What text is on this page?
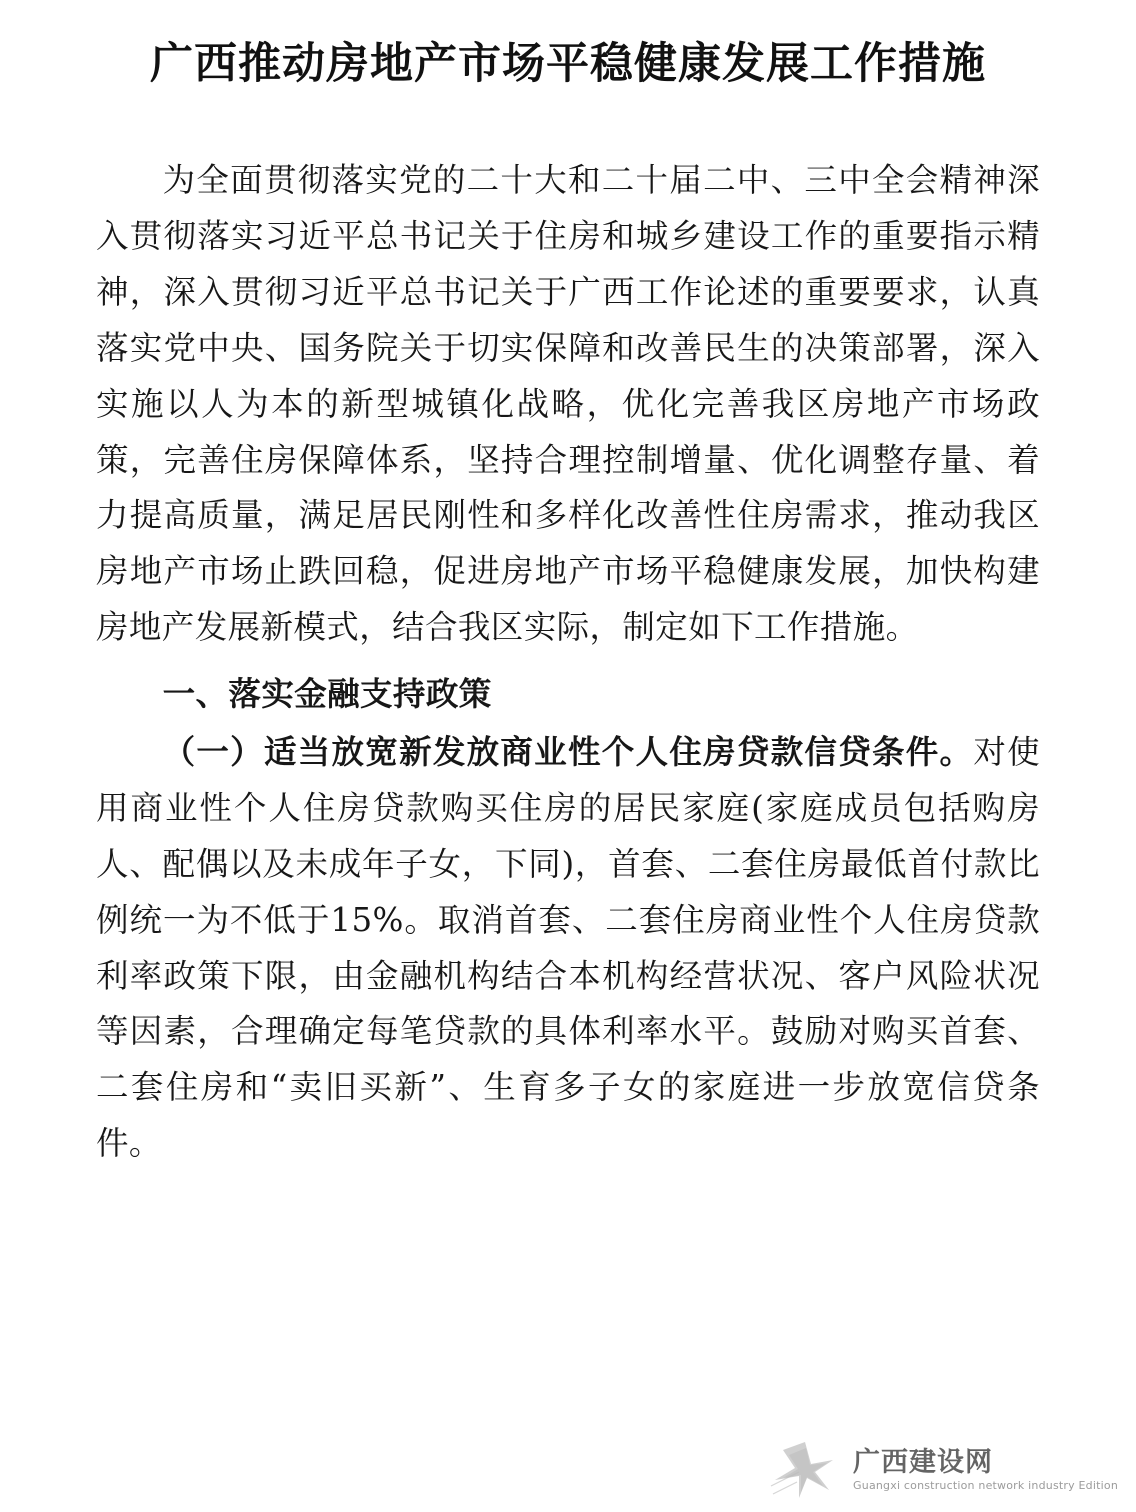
广西推动房地产市场平稳健康发展工作措施

为全面贯彻落实党的二十大和二十届二中、三中全会精神深入贯彻落实习近平总书记关于住房和城乡建设工作的重要指示精神，深入贯彻习近平总书记关于广西工作论述的重要要求，认真落实党中央、国务院关于切实保障和改善民生的决策部署，深入实施以人为本的新型城镇化战略，优化完善我区房地产市场政策，完善住房保障体系，坚持合理控制增量、优化调整存量、着力提高质量，满足居民刚性和多样化改善性住房需求，推动我区房地产市场止跌回稳，促进房地产市场平稳健康发展，加快构建房地产发展新模式，结合我区实际，制定如下工作措施。

一、落实金融支持政策

（一）适当放宽新发放商业性个人住房贷款信贷条件。对使用商业性个人住房贷款购买住房的居民家庭(家庭成员包括购房人、配偶以及未成年子女，下同)，首套、二套住房最低首付款比例统一为不低于15%。取消首套、二套住房商业性个人住房贷款利率政策下限，由金融机构结合本机构经营状况、客户风险状况等因素，合理确定每笔贷款的具体利率水平。鼓励对购买首套、二套住房和“卖旧买新”、生育多子女的家庭进一步放宽信贷条件。

广西建设网
Guangxi construction network industry Edition
